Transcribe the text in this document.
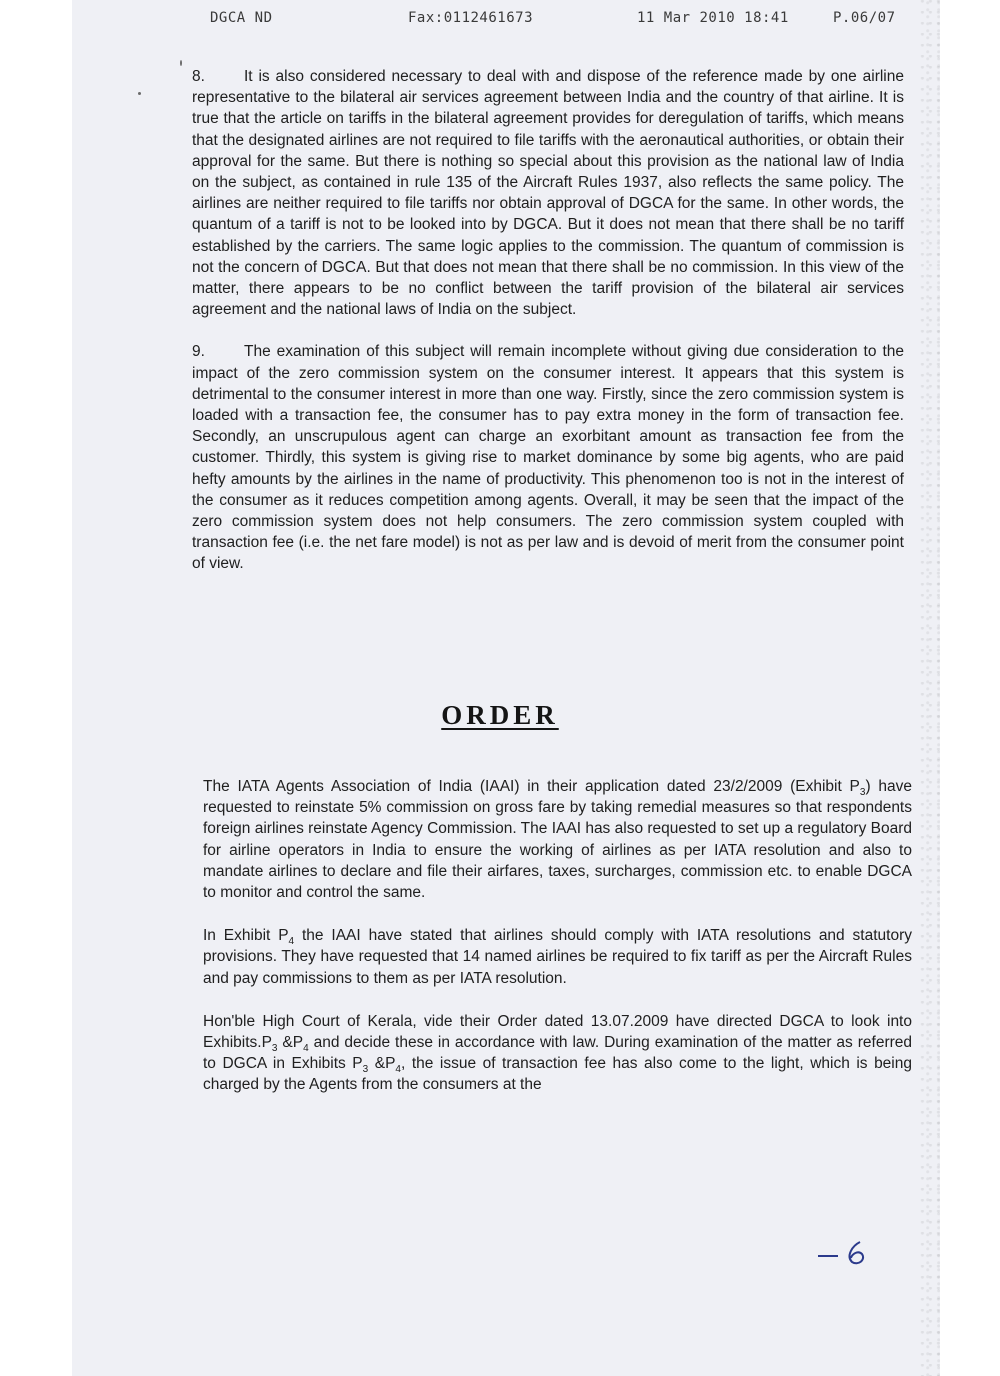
DGCA ND	Fax:0112461673	11 Mar 2010 18:41	P.06/07

8.	It is also considered necessary to deal with and dispose of the reference made by one airline representative to the bilateral air services agreement between India and the country of that airline. It is true that the article on tariffs in the bilateral agreement provides for deregulation of tariffs, which means that the designated airlines are not required to file tariffs with the aeronautical authorities, or obtain their approval for the same. But there is nothing so special about this provision as the national law of India on the subject, as contained in rule 135 of the Aircraft Rules 1937, also reflects the same policy. The airlines are neither required to file tariffs nor obtain approval of DGCA for the same. In other words, the quantum of a tariff is not to be looked into by DGCA. But it does not mean that there shall be no tariff established by the carriers. The same logic applies to the commission. The quantum of commission is not the concern of DGCA. But that does not mean that there shall be no commission. In this view of the matter, there appears to be no conflict between the tariff provision of the bilateral air services agreement and the national laws of India on the subject.

9.	The examination of this subject will remain incomplete without giving due consideration to the impact of the zero commission system on the consumer interest. It appears that this system is detrimental to the consumer interest in more than one way. Firstly, since the zero commission system is loaded with a transaction fee, the consumer has to pay extra money in the form of transaction fee. Secondly, an unscrupulous agent can charge an exorbitant amount as transaction fee from the customer. Thirdly, this system is giving rise to market dominance by some big agents, who are paid hefty amounts by the airlines in the name of productivity. This phenomenon too is not in the interest of the consumer as it reduces competition among agents. Overall, it may be seen that the impact of the zero commission system does not help consumers. The zero commission system coupled with transaction fee (i.e. the net fare model) is not as per law and is devoid of merit from the consumer point of view.

ORDER

The IATA Agents Association of India (IAAI) in their application dated 23/2/2009 (Exhibit $P_3$) have requested to reinstate 5% commission on gross fare by taking remedial measures so that respondents foreign airlines reinstate Agency Commission. The IAAI has also requested to set up a regulatory Board for airline operators in India to ensure the working of airlines as per IATA resolution and also to mandate airlines to declare and file their airfares, taxes, surcharges, commission etc. to enable DGCA to monitor and control the same.

In Exhibit $P_4$ the IAAI have stated that airlines should comply with IATA resolutions and statutory provisions. They have requested that 14 named airlines be required to fix tariff as per the Aircraft Rules and pay commissions to them as per IATA resolution.

Hon'ble High Court of Kerala, vide their Order dated 13.07.2009 have directed DGCA to look into $Exhibits.P_3$ $\&P_4$ and decide these in accordance with law. During examination of the matter as referred to DGCA in Exhibits $P_3$ $\&P_4$, the issue of transaction fee has also come to the light, which is being charged by the Agents from the consumers at the
